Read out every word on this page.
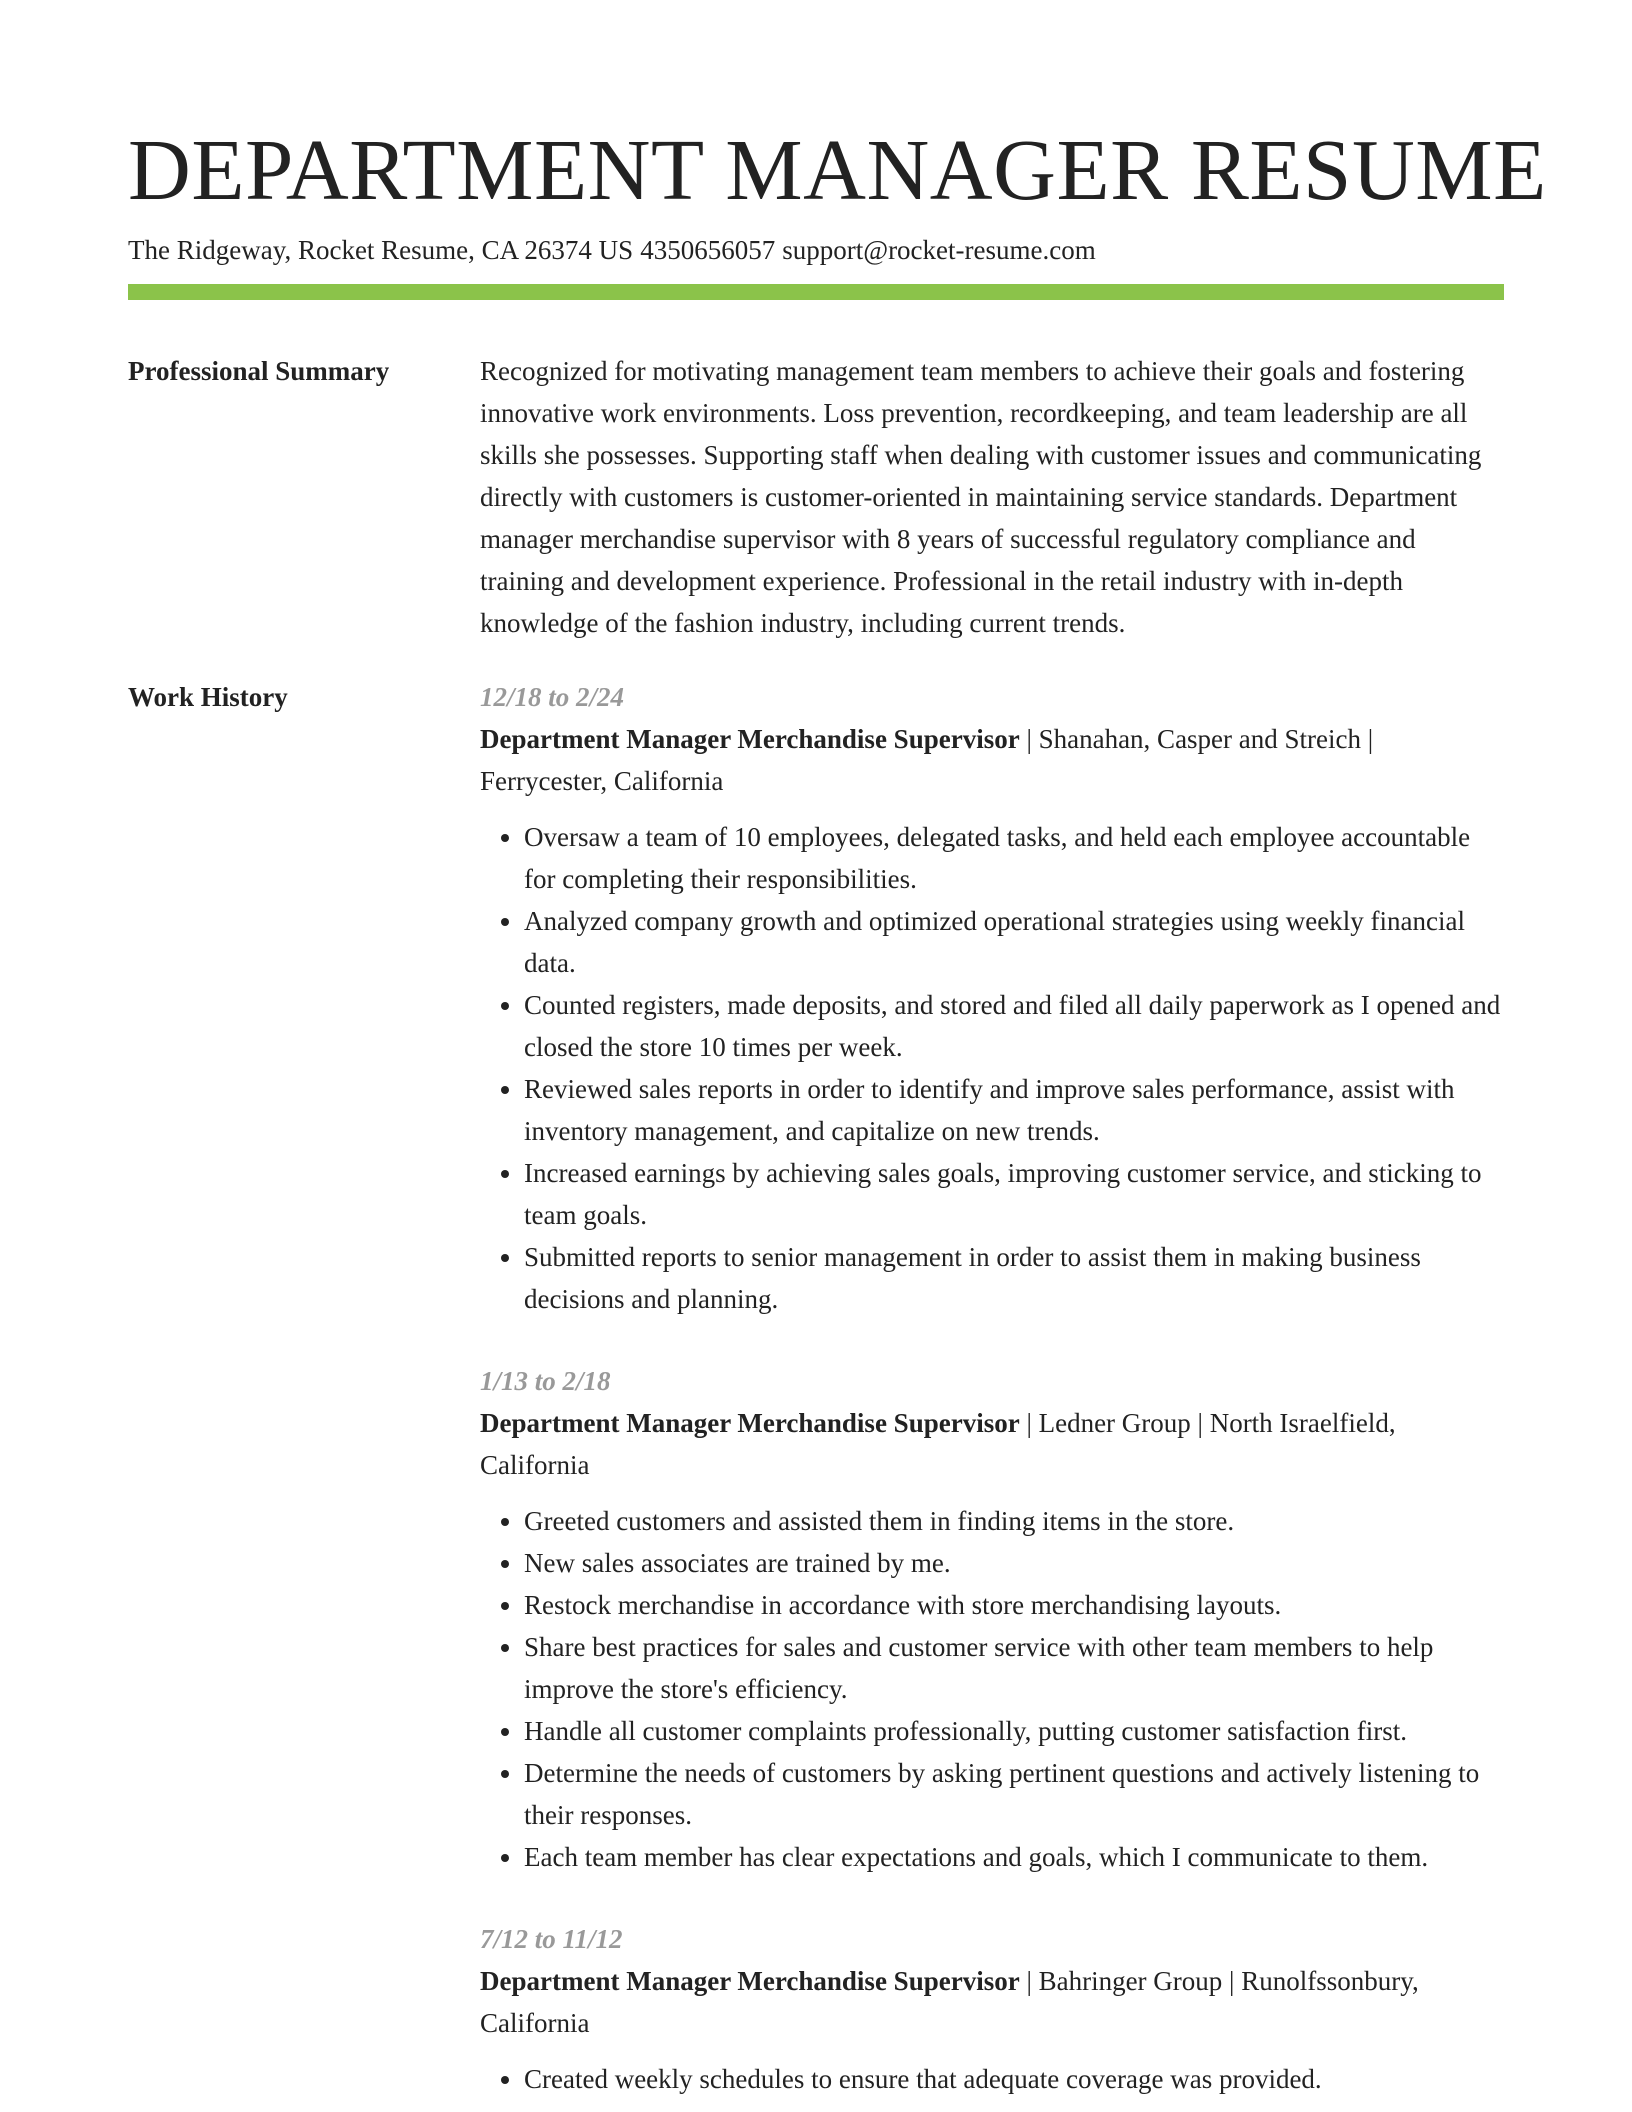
DEPARTMENT MANAGER RESUME
The Ridgeway, Rocket Resume, CA 26374 US 4350656057 support@rocket-resume.com
Professional Summary	Recognized for motivating management team members to achieve their goals and fostering innovative work environments. Loss prevention, recordkeeping, and team leadership are all skills she possesses. Supporting staff when dealing with customer issues and communicating directly with customers is customer-oriented in maintaining service standards. Department manager merchandise supervisor with 8 years of successful regulatory compliance and training and development experience. Professional in the retail industry with in-depth knowledge of the fashion industry, including current trends.
Work History	12/18 to 2/24
Department Manager Merchandise Supervisor | Shanahan, Casper and Streich | Ferrycester, California
• Oversaw a team of 10 employees, delegated tasks, and held each employee accountable for completing their responsibilities.
• Analyzed company growth and optimized operational strategies using weekly financial data.
• Counted registers, made deposits, and stored and filed all daily paperwork as I opened and closed the store 10 times per week.
• Reviewed sales reports in order to identify and improve sales performance, assist with inventory management, and capitalize on new trends.
• Increased earnings by achieving sales goals, improving customer service, and sticking to team goals.
• Submitted reports to senior management in order to assist them in making business decisions and planning.
1/13 to 2/18
Department Manager Merchandise Supervisor | Ledner Group | North Israelfield, California
• Greeted customers and assisted them in finding items in the store.
• New sales associates are trained by me.
• Restock merchandise in accordance with store merchandising layouts.
• Share best practices for sales and customer service with other team members to help improve the store's efficiency.
• Handle all customer complaints professionally, putting customer satisfaction first.
• Determine the needs of customers by asking pertinent questions and actively listening to their responses.
• Each team member has clear expectations and goals, which I communicate to them.
7/12 to 11/12
Department Manager Merchandise Supervisor | Bahringer Group | Runolfssonbury, California
• Created weekly schedules to ensure that adequate coverage was provided.
